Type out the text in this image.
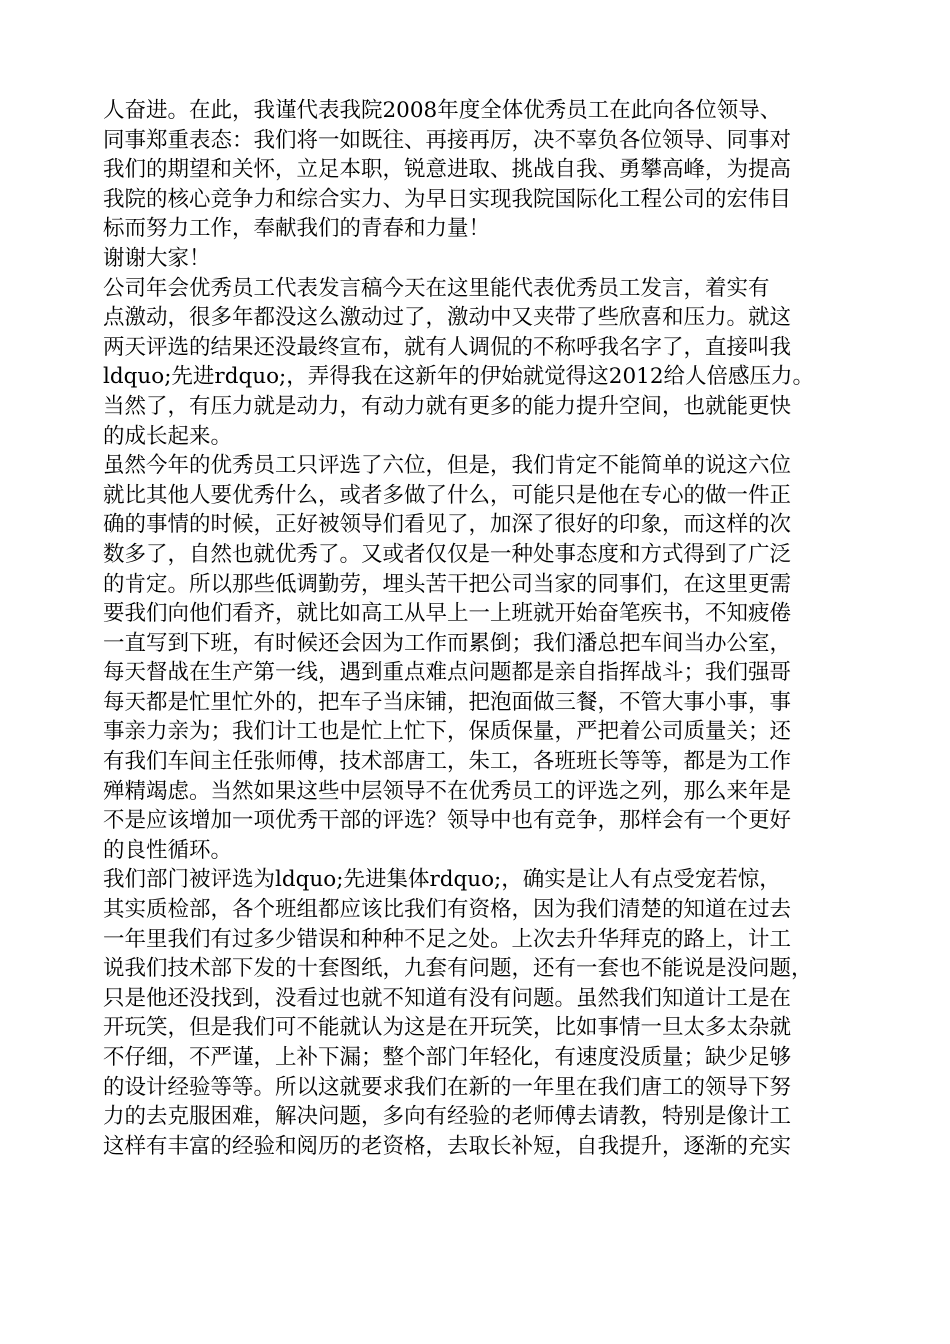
人奋进。在此，我谨代表我院2008年度全体优秀员工在此向各位领导、
同事郑重表态：我们将一如既往、再接再厉，决不辜负各位领导、同事对
我们的期望和关怀，立足本职，锐意进取、挑战自我、勇攀高峰，为提高
我院的核心竞争力和综合实力、为早日实现我院国际化工程公司的宏伟目
标而努力工作，奉献我们的青春和力量！
谢谢大家！
公司年会优秀员工代表发言稿今天在这里能代表优秀员工发言，着实有
点激动，很多年都没这么激动过了，激动中又夹带了些欣喜和压力。就这
两天评选的结果还没最终宣布，就有人调侃的不称呼我名字了，直接叫我
ldquo;先进rdquo;，弄得我在这新年的伊始就觉得这2012给人倍感压力。
当然了，有压力就是动力，有动力就有更多的能力提升空间，也就能更快
的成长起来。
虽然今年的优秀员工只评选了六位，但是，我们肯定不能简单的说这六位
就比其他人要优秀什么，或者多做了什么，可能只是他在专心的做一件正
确的事情的时候，正好被领导们看见了，加深了很好的印象，而这样的次
数多了，自然也就优秀了。又或者仅仅是一种处事态度和方式得到了广泛
的肯定。所以那些低调勤劳，埋头苦干把公司当家的同事们，在这里更需
要我们向他们看齐，就比如高工从早上一上班就开始奋笔疾书，不知疲倦
一直写到下班，有时候还会因为工作而累倒；我们潘总把车间当办公室，
每天督战在生产第一线，遇到重点难点问题都是亲自指挥战斗；我们强哥
每天都是忙里忙外的，把车子当床铺，把泡面做三餐，不管大事小事，事
事亲力亲为；我们计工也是忙上忙下，保质保量，严把着公司质量关；还
有我们车间主任张师傅，技术部唐工，朱工，各班班长等等，都是为工作
殚精竭虑。当然如果这些中层领导不在优秀员工的评选之列，那么来年是
不是应该增加一项优秀干部的评选？领导中也有竞争，那样会有一个更好
的良性循环。
我们部门被评选为ldquo;先进集体rdquo;，确实是让人有点受宠若惊，
其实质检部，各个班组都应该比我们有资格，因为我们清楚的知道在过去
一年里我们有过多少错误和种种不足之处。上次去升华拜克的路上，计工
说我们技术部下发的十套图纸，九套有问题，还有一套也不能说是没问题，
只是他还没找到，没看过也就不知道有没有问题。虽然我们知道计工是在
开玩笑，但是我们可不能就认为这是在开玩笑，比如事情一旦太多太杂就
不仔细，不严谨，上补下漏；整个部门年轻化，有速度没质量；缺少足够
的设计经验等等。所以这就要求我们在新的一年里在我们唐工的领导下努
力的去克服困难，解决问题，多向有经验的老师傅去请教，特别是像计工
这样有丰富的经验和阅历的老资格，去取长补短，自我提升，逐渐的充实
